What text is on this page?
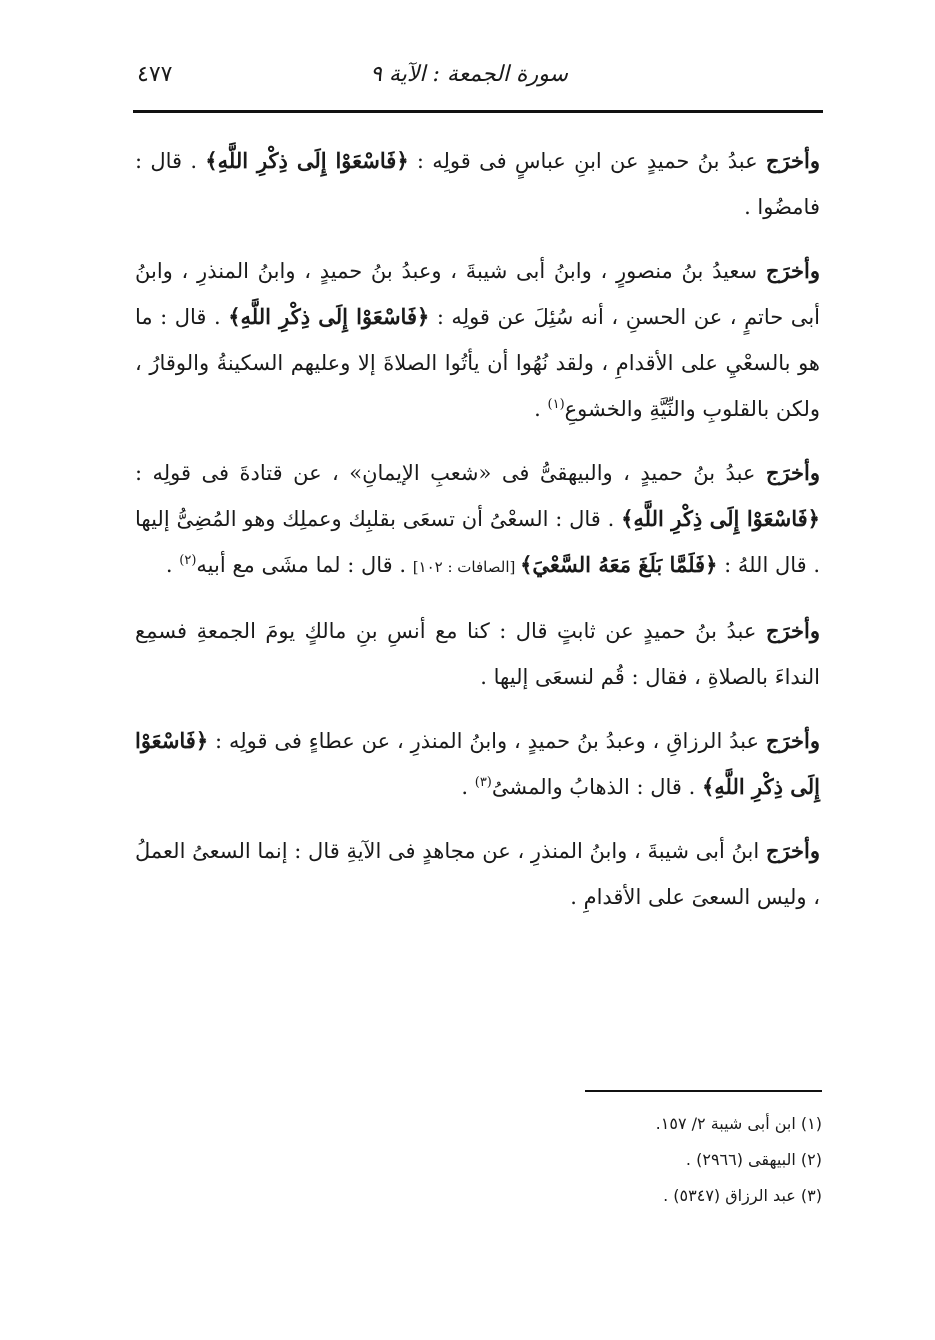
سورة الجمعة : الآية ٩
٤٧٧

وأخرَج عبدُ بنُ حميدٍ عن ابنِ عباسٍ فى قولِه : ﴿فَاسْعَوْا إِلَى ذِكْرِ اللَّهِ﴾ . قال : فامضُوا .

وأخرَج سعيدُ بنُ منصورٍ ، وابنُ أبى شيبةَ ، وعبدُ بنُ حميدٍ ، وابنُ المنذرِ ، وابنُ أبى حاتمٍ ، عن الحسنِ ، أنه سُئِلَ عن قولِه : ﴿فَاسْعَوْا إِلَى ذِكْرِ اللَّهِ﴾ . قال : ما هو بالسعْيِ على الأقدامِ ، ولقد نُهُوا أن يأتُوا الصلاةَ إلا وعليهم السكينةُ والوقارُ ، ولكن بالقلوبِ والنِّيَّةِ والخشوعِ$^{(١)}$ .

وأخرَج عبدُ بنُ حميدٍ ، والبيهقىُّ فى «شعبِ الإيمانِ» ، عن قتادةَ فى قولِه : ﴿فَاسْعَوْا إِلَى ذِكْرِ اللَّهِ﴾ . قال : السعْىُ أن تسعَى بقلبِك وعملِك وهو المُضِىُّ إليها . قال اللهُ : ﴿فَلَمَّا بَلَغَ مَعَهُ السَّعْيَ﴾ [الصافات : ١٠٢] . قال : لما مشَى مع أبيه$^{(٢)}$ .

وأخرَج عبدُ بنُ حميدٍ عن ثابتٍ قال : كنا مع أنسِ بنِ مالكٍ يومَ الجمعةِ فسمِع النداءَ بالصلاةِ ، فقال : قُم لنسعَى إليها .

وأخرَج عبدُ الرزاقِ ، وعبدُ بنُ حميدٍ ، وابنُ المنذرِ ، عن عطاءٍ فى قولِه : ﴿فَاسْعَوْا إِلَى ذِكْرِ اللَّهِ﴾ . قال : الذهابُ والمشىُ$^{(٣)}$ .

وأخرَج ابنُ أبى شيبةَ ، وابنُ المنذرِ ، عن مجاهدٍ فى الآيةِ قال : إنما السعىُ العملُ ، وليس السعىَ على الأقدامِ .

(١) ابن أبى شيبة ٢/ ١٥٧.
(٢) البيهقى (٢٩٦٦) .
(٣) عبد الرزاق (٥٣٤٧) .
